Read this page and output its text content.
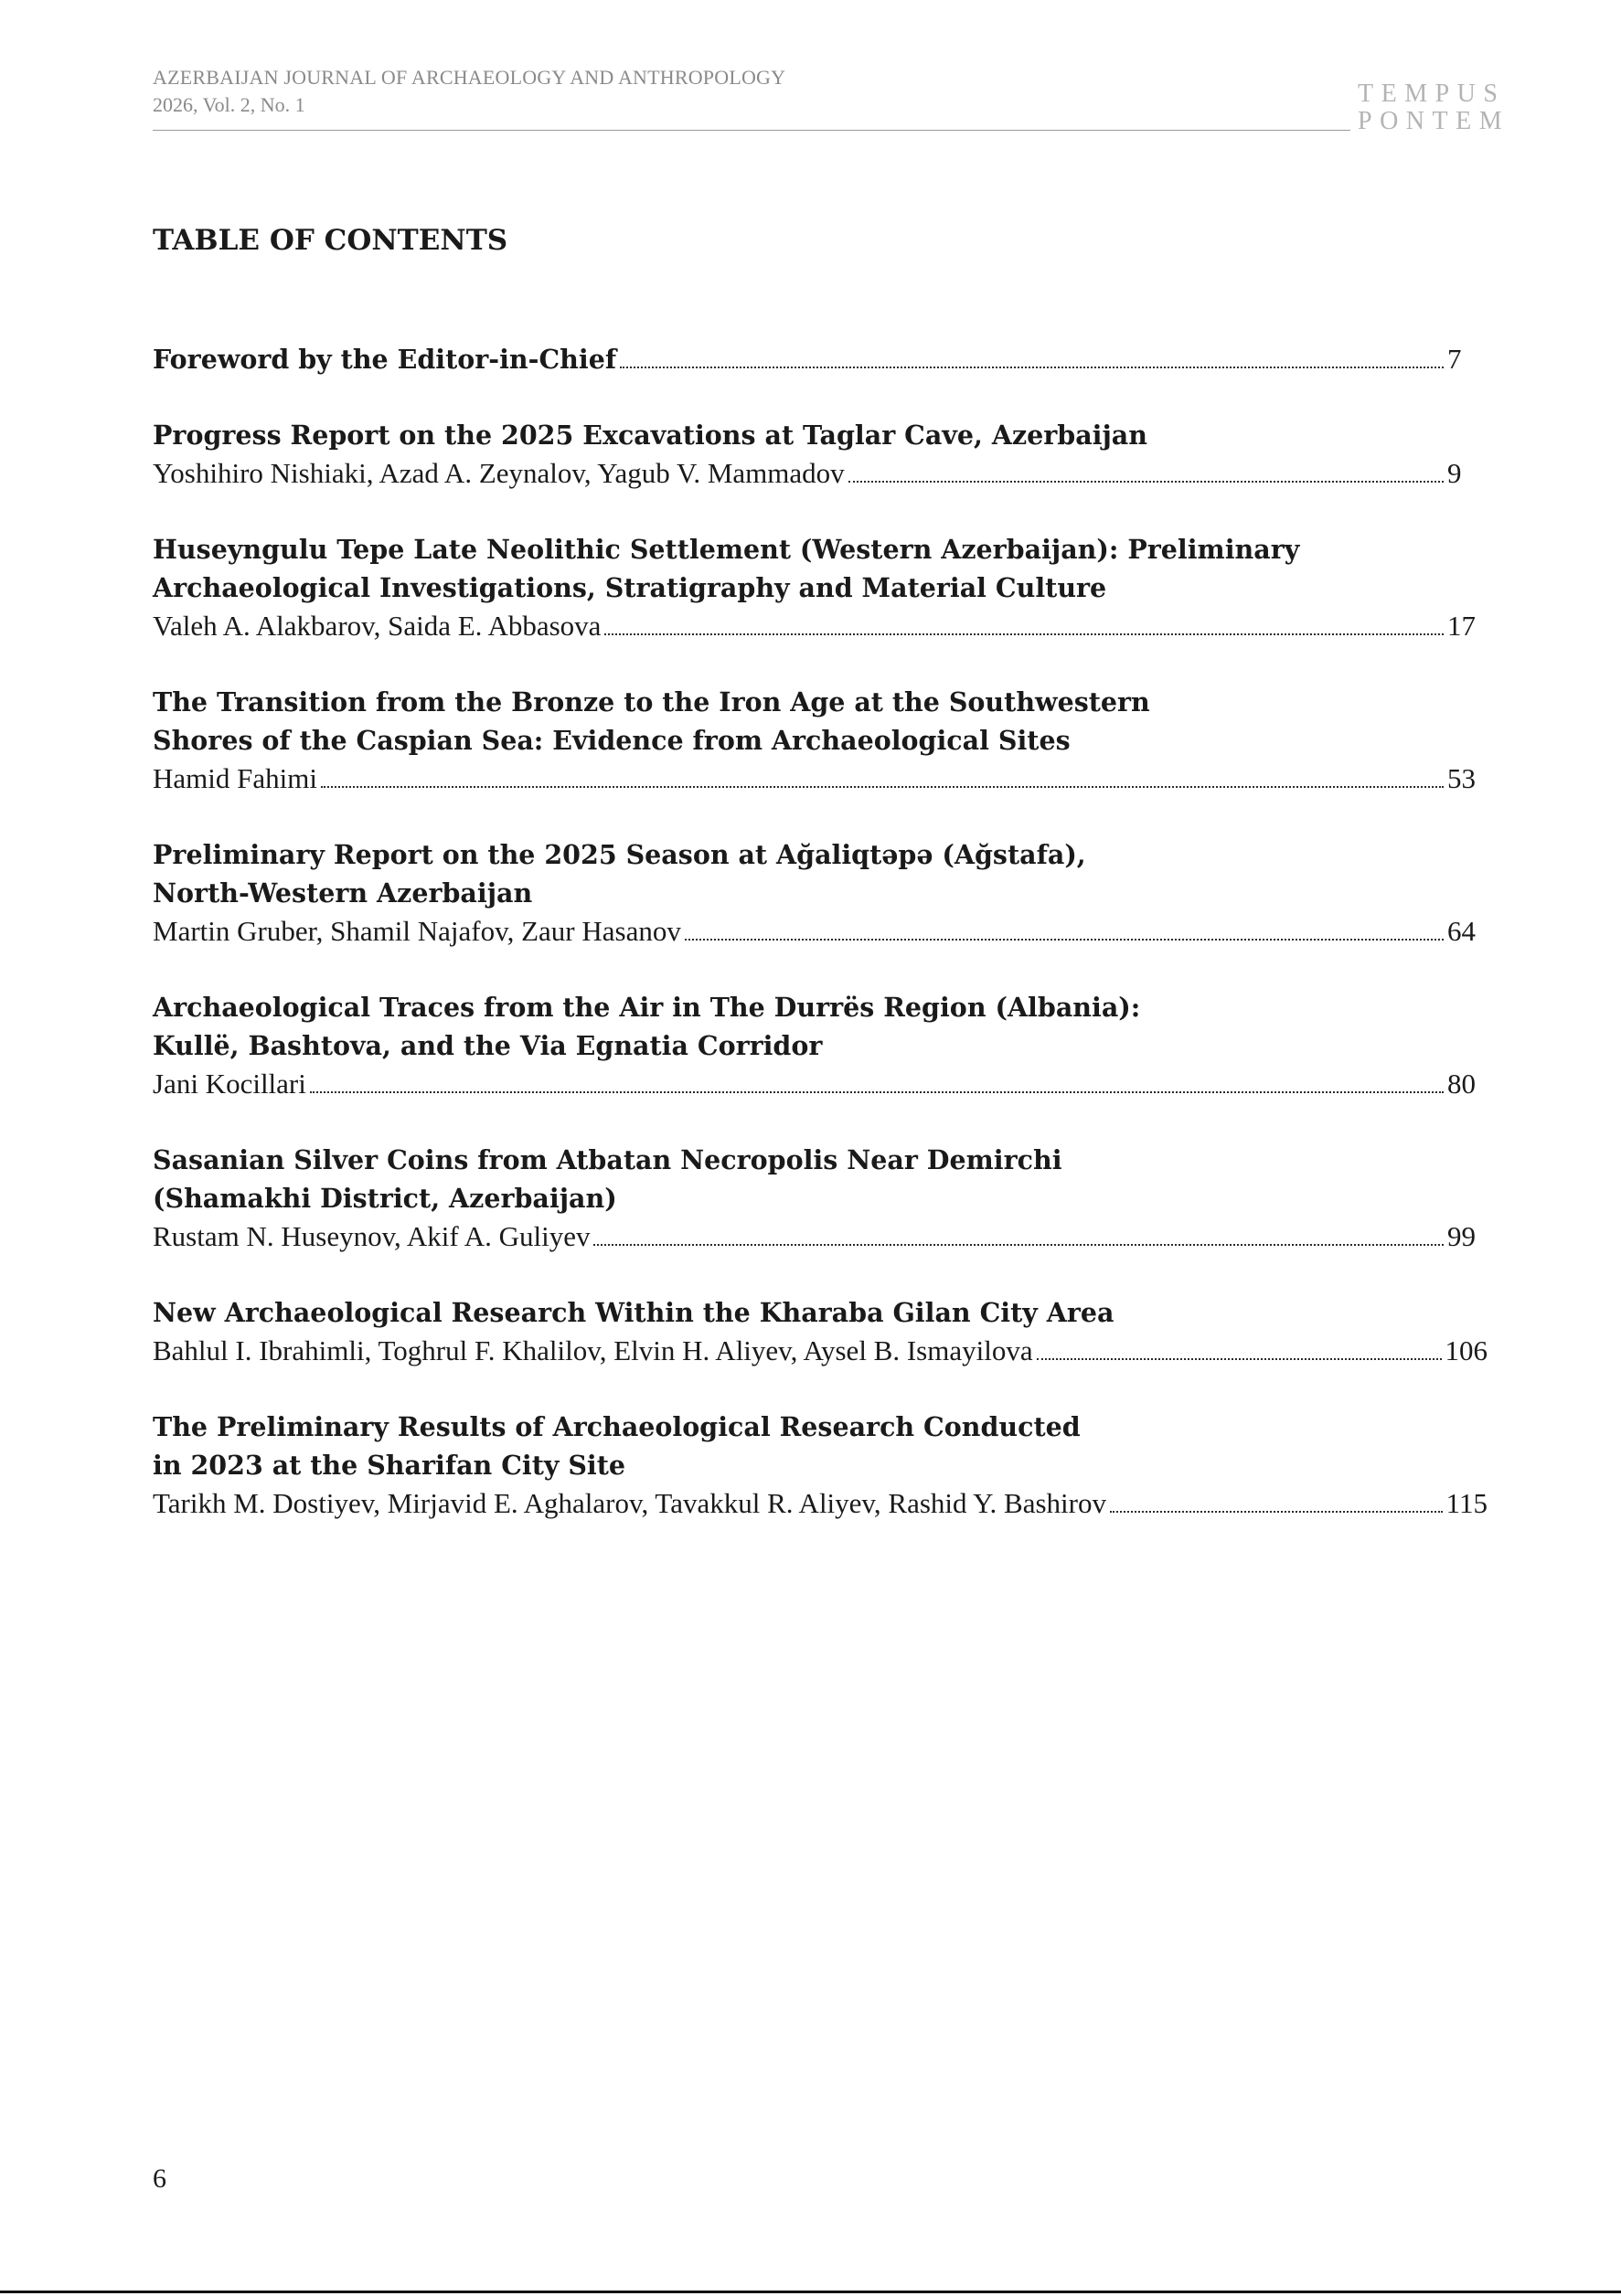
AZERBAIJAN JOURNAL OF ARCHAEOLOGY AND ANTHROPOLOGY
2026, Vol. 2, No. 1	TEMPUS
PONTEM
TABLE OF CONTENTS
Foreword by the Editor-in-Chief	7
Progress Report on the 2025 Excavations at Taglar Cave, Azerbaijan
Yoshihiro Nishiaki, Azad A. Zeynalov, Yagub V. Mammadov	9
Huseyngulu Tepe Late Neolithic Settlement (Western Azerbaijan): Preliminary
Archaeological Investigations, Stratigraphy and Material Culture
Valeh A. Alakbarov, Saida E. Abbasova	17
The Transition from the Bronze to the Iron Age at the Southwestern
Shores of the Caspian Sea: Evidence from Archaeological Sites
Hamid Fahimi	53
Preliminary Report on the 2025 Season at Ağaliqtəpə (Ağstafa),
North-Western Azerbaijan
Martin Gruber, Shamil Najafov, Zaur Hasanov	64
Archaeological Traces from the Air in The Durrës Region (Albania):
Kullë, Bashtova, and the Via Egnatia Corridor
Jani Kocillari	80
Sasanian Silver Coins from Atbatan Necropolis Near Demirchi
(Shamakhi District, Azerbaijan)
Rustam N. Huseynov, Akif A. Guliyev	99
New Archaeological Research Within the Kharaba Gilan City Area
Bahlul I. Ibrahimli, Toghrul F. Khalilov, Elvin H. Aliyev, Aysel B. Ismayilova	106
The Preliminary Results of Archaeological Research Conducted
in 2023 at the Sharifan City Site
Tarikh M. Dostiyev, Mirjavid E. Aghalarov, Tavakkul R. Aliyev, Rashid Y. Bashirov	115
6
